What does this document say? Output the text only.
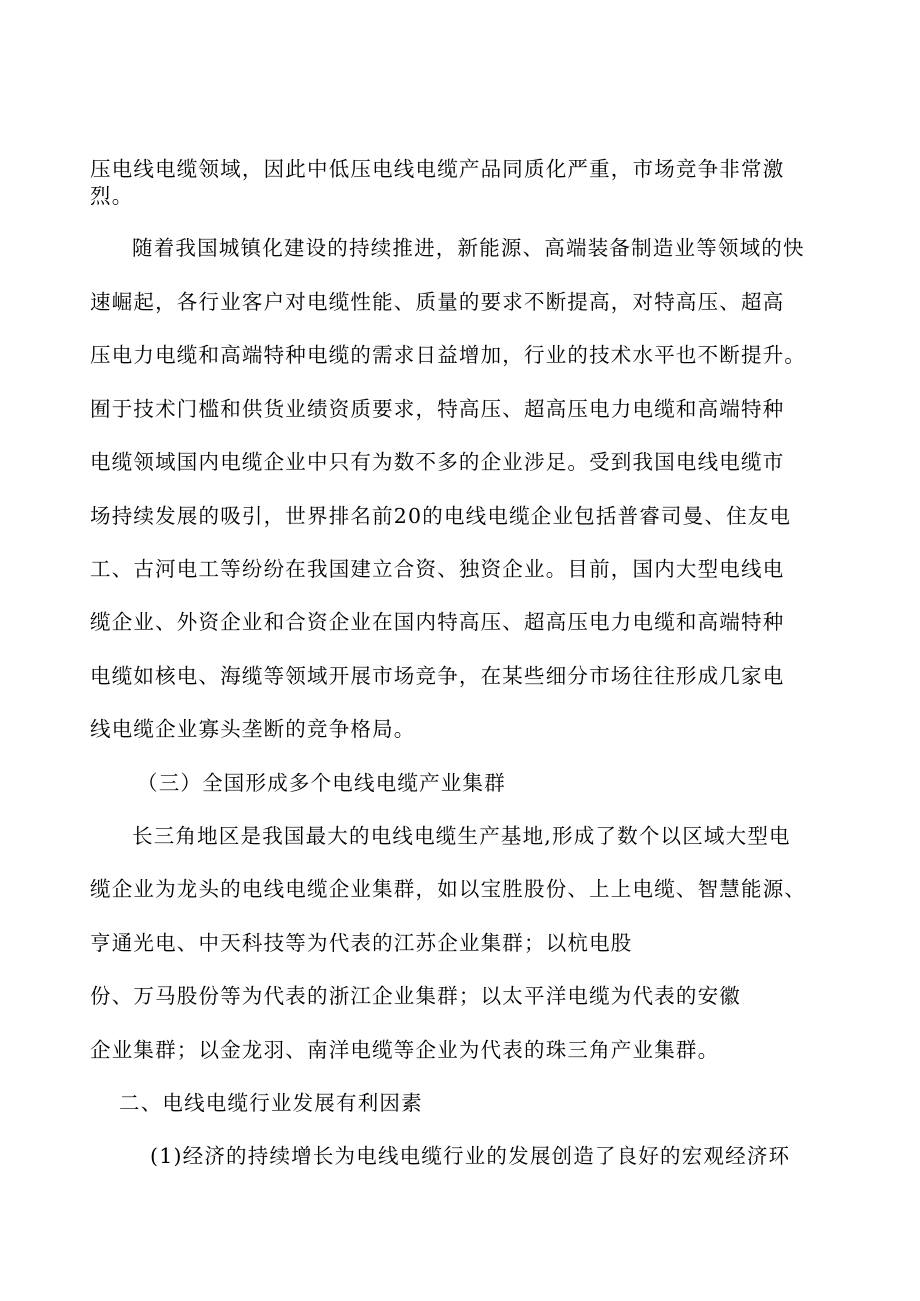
压电线电缆领域，因此中低压电线电缆产品同质化严重，市场竞争非常激
烈。
随着我国城镇化建设的持续推进，新能源、高端装备制造业等领域的快
速崛起，各行业客户对电缆性能、质量的要求不断提高，对特高压、超高
压电力电缆和高端特种电缆的需求日益增加，行业的技术水平也不断提升。
囿于技术门槛和供货业绩资质要求，特高压、超高压电力电缆和高端特种
电缆领域国内电缆企业中只有为数不多的企业涉足。受到我国电线电缆市
场持续发展的吸引，世界排名前20的电线电缆企业包括普睿司曼、住友电
工、古河电工等纷纷在我国建立合资、独资企业。目前，国内大型电线电
缆企业、外资企业和合资企业在国内特高压、超高压电力电缆和高端特种
电缆如核电、海缆等领域开展市场竞争，在某些细分市场往往形成几家电
线电缆企业寡头垄断的竞争格局。
（三）全国形成多个电线电缆产业集群
长三角地区是我国最大的电线电缆生产基地,形成了数个以区域大型电
缆企业为龙头的电线电缆企业集群，如以宝胜股份、上上电缆、智慧能源、
亨通光电、中天科技等为代表的江苏企业集群；以杭电股
份、万马股份等为代表的浙江企业集群；以太平洋电缆为代表的安徽
企业集群；以金龙羽、南洋电缆等企业为代表的珠三角产业集群。
二、电线电缆行业发展有利因素
(1)经济的持续增长为电线电缆行业的发展创造了良好的宏观经济环
